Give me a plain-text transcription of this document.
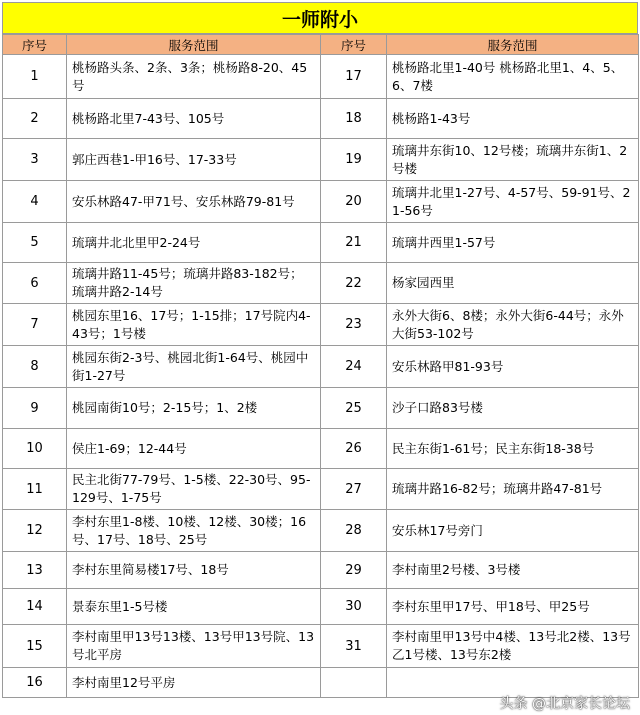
一师附小
序号	服务范围	序号	服务范围
1	桃杨路头条、2条、3条；桃杨路8-20、45号	17	桃杨路北里1-40号 桃杨路北里1、4、5、6、7楼
2	桃杨路北里7-43号、105号	18	桃杨路1-43号
3	郭庄西巷1-甲16号、17-33号	19	琉璃井东街10、12号楼；琉璃井东街1、2号楼
4	安乐林路47-甲71号、安乐林路79-81号	20	琉璃井北里1-27号、4-57号、59-91号、21-56号
5	琉璃井北北里甲2-24号	21	琉璃井西里1-57号
6	琉璃井路11-45号；琉璃井路83-182号；琉璃井路2-14号	22	杨家园西里
7	桃园东里16、17号；1-15排；17号院内4-43号；1号楼	23	永外大街6、8楼；永外大街6-44号；永外大街53-102号
8	桃园东街2-3号、桃园北街1-64号、桃园中街1-27号	24	安乐林路甲81-93号
9	桃园南街10号；2-15号；1、2楼	25	沙子口路83号楼
10	侯庄1-69；12-44号	26	民主东街1-61号；民主东街18-38号
11	民主北街77-79号、1-5楼、22-30号、95-129号、1-75号	27	琉璃井路16-82号；琉璃井路47-81号
12	李村东里1-8楼、10楼、12楼、30楼；16号、17号、18号、25号	28	安乐林17号旁门
13	李村东里简易楼17号、18号	29	李村南里2号楼、3号楼
14	景泰东里1-5号楼	30	李村东里甲17号、甲18号、甲25号
15	李村南里甲13号13楼、13号甲13号院、13号北平房	31	李村南里甲13号中4楼、13号北2楼、13号乙1号楼、13号东2楼
16	李村南里12号平房		
头条 @北京家长论坛
